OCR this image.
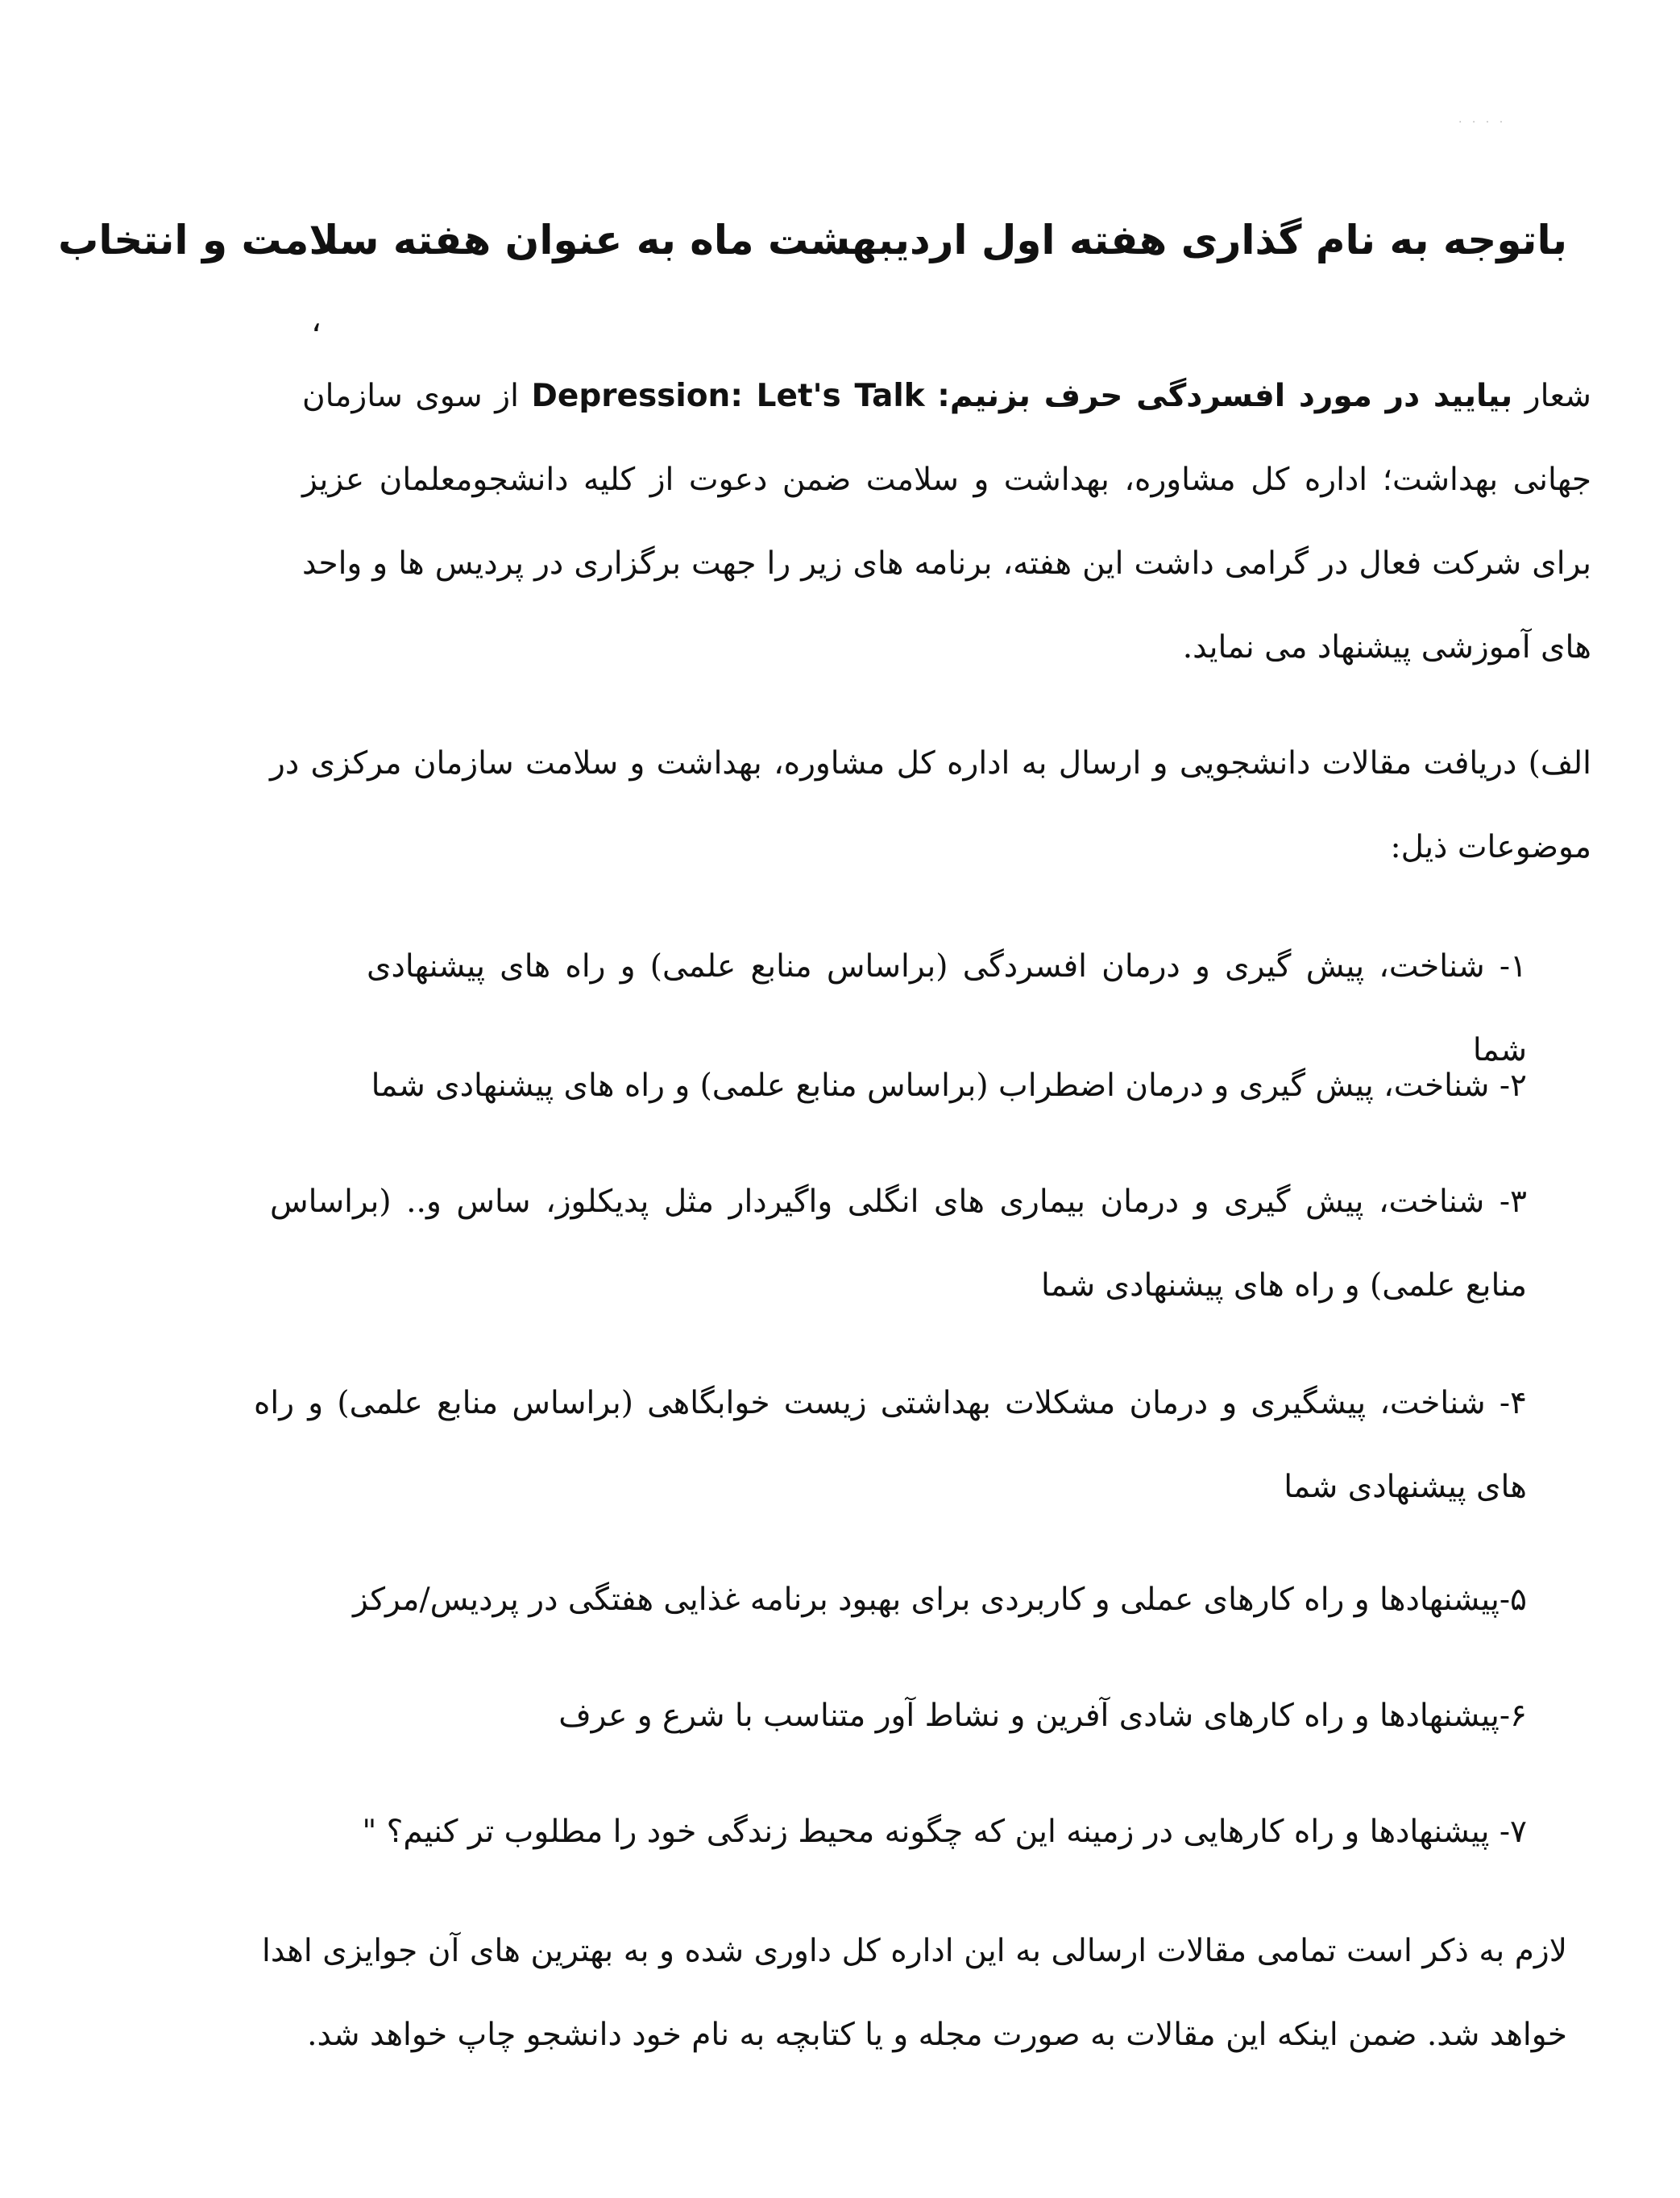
. . . .
باتوجه به نام گذاری هفته اول اردیبهشت ماه به عنوان هفته سلامت و انتخاب
،

شعار بیایید در مورد افسردگی حرف بزنیم: Depression: Let's Talk از سوی سازمان جهانی بهداشت؛ اداره کل مشاوره، بهداشت و سلامت ضمن دعوت از کلیه دانشجومعلمان عزیز برای شرکت فعال در گرامی داشت این هفته، برنامه های زیر را جهت برگزاری در پردیس ها و واحد های آموزشی پیشنهاد می نماید.

الف) دریافت مقالات دانشجویی و ارسال به اداره کل مشاوره، بهداشت و سلامت سازمان مرکزی در موضوعات ذیل:

۱- شناخت، پیش گیری و درمان افسردگی (براساس منابع علمی) و راه های پیشنهادی شما

۲- شناخت، پیش گیری و درمان اضطراب (براساس منابع علمی) و راه های پیشنهادی شما

۳- شناخت، پیش گیری و درمان بیماری های انگلی واگیردار مثل پدیکلوز، ساس و.. (براساس منابع علمی) و راه های پیشنهادی شما

۴- شناخت، پیشگیری و درمان مشکلات بهداشتی زیست خوابگاهی (براساس منابع علمی) و راه های پیشنهادی شما

۵-پیشنهادها و راه کارهای عملی و کاربردی برای بهبود برنامه غذایی هفتگی در پردیس/مرکز

۶-پیشنهادها و راه کارهای شادی آفرین و نشاط آور متناسب با شرع و عرف

۷- پیشنهادها و راه کارهایی در زمینه این که چگونه محیط زندگی خود را مطلوب تر کنیم؟ "

لازم به ذکر است تمامی مقالات ارسالی به این اداره کل داوری شده و به بهترین های آن جوایزی اهدا خواهد شد. ضمن اینکه این مقالات به صورت مجله و یا کتابچه به نام خود دانشجو چاپ خواهد شد.
